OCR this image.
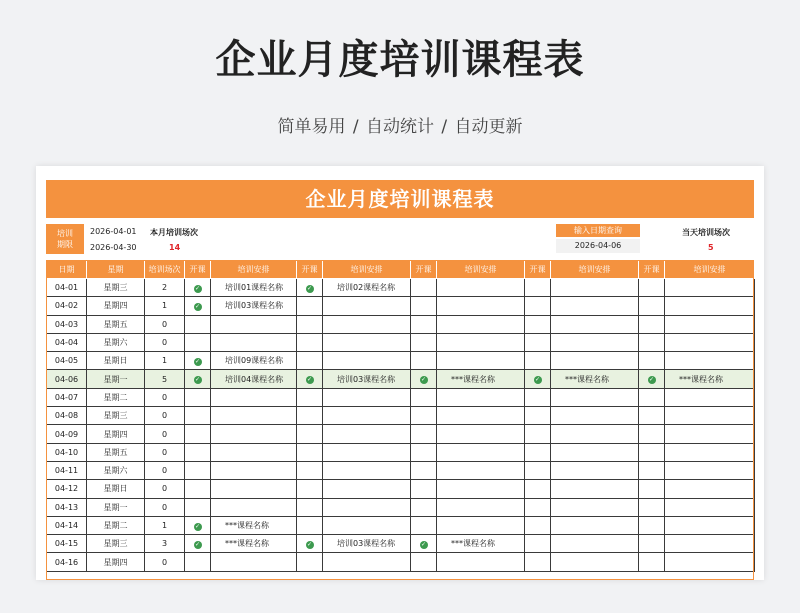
企业月度培训课程表
简单易用 / 自动统计 / 自动更新
企业月度培训课程表
培训
期限
2026-04-01
2026-04-30
本月培训场次
14
输入日期查询
2026-04-06
当天培训场次
5
日期	星期	培训场次	开课	培训安排	开课	培训安排	开课	培训安排	开课	培训安排	开课	培训安排
04-01	星期三	2	✓	培训01课程名称	✓	培训02课程名称						
04-02	星期四	1	✓	培训03课程名称								
04-03	星期五	0										
04-04	星期六	0										
04-05	星期日	1	✓	培训09课程名称								
04-06	星期一	5	✓	培训04课程名称	✓	培训03课程名称	✓	***课程名称	✓	***课程名称	✓	***课程名称
04-07	星期二	0										
04-08	星期三	0										
04-09	星期四	0										
04-10	星期五	0										
04-11	星期六	0										
04-12	星期日	0										
04-13	星期一	0										
04-14	星期二	1	✓	***课程名称								
04-15	星期三	3	✓	***课程名称	✓	培训03课程名称	✓	***课程名称				
04-16	星期四	0										
